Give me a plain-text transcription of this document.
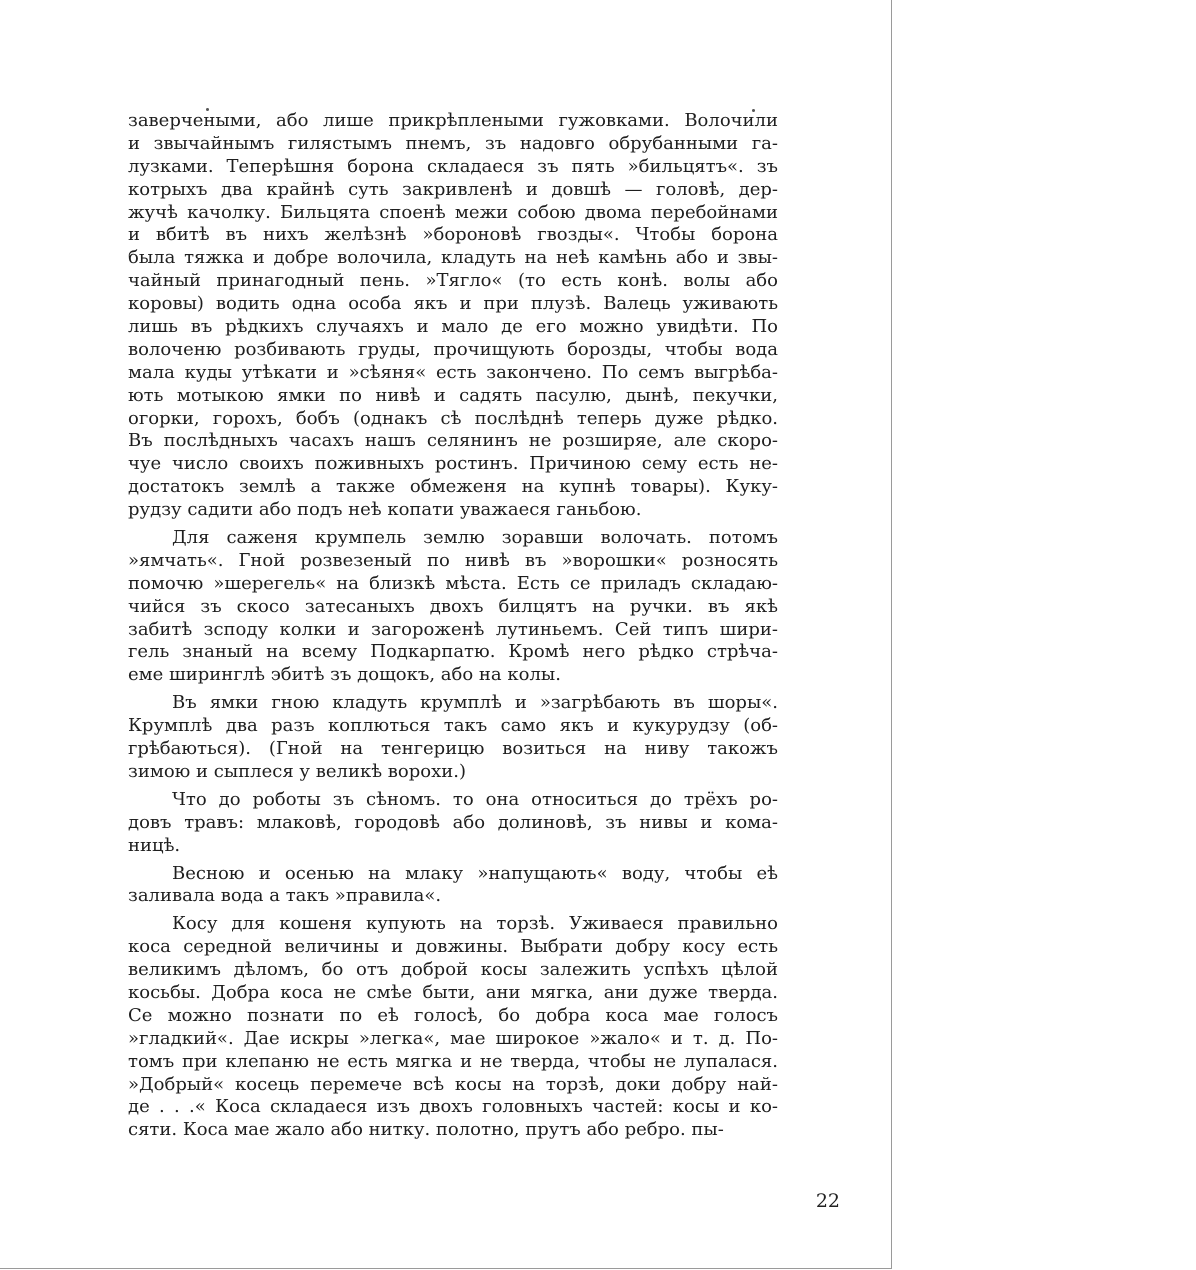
заверчеными, або лише прикрѣплеными гужовками. Волочили
и звычайнымъ гилястымъ пнемъ, зъ надовго обрубанными га-
лузками. Теперѣшня борона складаеся зъ пять »бильцятъ«. зъ
котрыхъ два крайнѣ суть закривленѣ и довшѣ — головѣ, дер-
жучѣ качолку. Бильцята споенѣ межи собою двома перебойнами
и вбитѣ въ нихъ желѣзнѣ »бороновѣ гвозды«. Чтобы борона
была тяжка и добре волочила, кладуть на неѣ камѣнь або и звы-
чайный принагодный пень. »Тягло« (то есть конѣ. волы або
коровы) водить одна особа якъ и при плузѣ. Валець уживають
лишь въ рѣдкихъ случаяхъ и мало де его можно увидѣти. По
волоченю розбивають груды, прочищують борозды, чтобы вода
мала куды утѣкати и »сѣяня« есть закончено. По семъ выгрѣба-
ють мотыкою ямки по нивѣ и садять пасулю, дынѣ, пекучки,
огорки, горохъ, бобъ (однакъ сѣ послѣднѣ теперь дуже рѣдко.
Въ послѣдныхъ часахъ нашъ селянинъ не розширяе, але скоро-
чуе число своихъ поживныхъ ростинъ. Причиною сему есть не-
достатокъ землѣ а также обмеженя на купнѣ товары). Куку-
рудзу садити або подъ неѣ копати уважаеся ганьбою.
Для саженя крумпель землю зоравши волочать. потомъ
»ямчать«. Гной розвезеный по нивѣ въ »ворошки« розносять
помочю »шерегель« на близкѣ мѣста. Есть се приладъ складаю-
чийся зъ скосо затесаныхъ двохъ билцятъ на ручки. въ якѣ
забитѣ зсподу колки и загороженѣ лутиньемъ. Сей типъ шири-
гель знаный на всему Подкарпатю. Кромѣ него рѣдко стрѣча-
еме ширинглѣ эбитѣ зъ дощокъ, або на колы.
Въ ямки гною кладуть крумплѣ и »загрѣбають въ шоры«.
Крумплѣ два разъ коплються такъ само якъ и кукурудзу (об-
грѣбаються). (Гной на тенгерицю возиться на ниву такожъ
зимою и сыплеся у великѣ ворохи.)
Что до роботы зъ сѣномъ. то она относиться до трёхъ ро-
довъ травъ: млаковѣ, городовѣ або долиновѣ, зъ нивы и кома-
ницѣ.
Весною и осенью на млаку »напущають« воду, чтобы еѣ
заливала вода а такъ »правила«.
Косу для кошеня купують на торзѣ. Уживаеся правильно
коса середной величины и довжины. Выбрати добру косу есть
великимъ дѣломъ, бо отъ доброй косы залежить успѣхъ цѣлой
косьбы. Добра коса не смѣе быти, ани мягка, ани дуже тверда.
Се можно познати по еѣ голосѣ, бо добра коса мае голосъ
»гладкий«. Дае искры »легка«, мае широкое »жало« и т. д. По-
томъ при клепаню не есть мягка и не тверда, чтобы не лупалася.
»Добрый« косець перемече всѣ косы на торзѣ, доки добру най-
де . . .« Коса складаеся изъ двохъ головныхъ частей: косы и ко-
сяти. Коса мае жало або нитку. полотно, прутъ або ребро. пы-
22
